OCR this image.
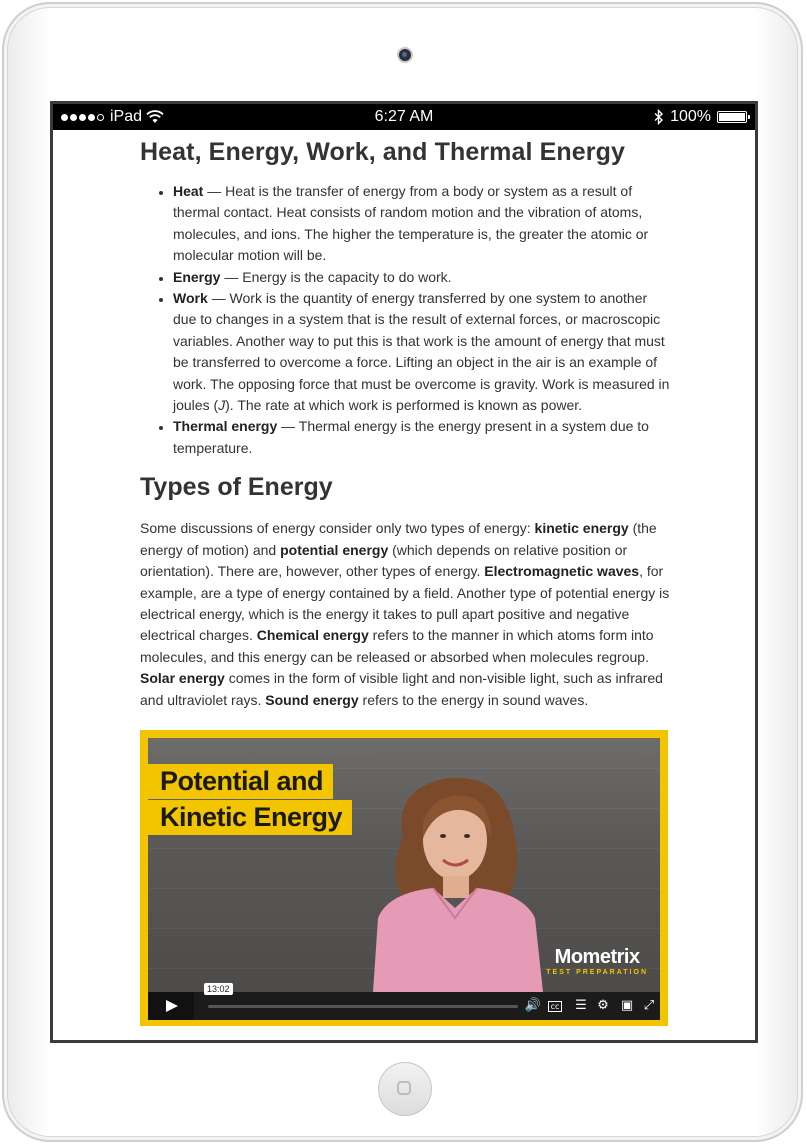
iPad	6:27 AM	100%
Heat, Energy, Work, and Thermal Energy
• Heat — Heat is the transfer of energy from a body or system as a result of thermal contact. Heat consists of random motion and the vibration of atoms, molecules, and ions. The higher the temperature is, the greater the atomic or molecular motion will be.
• Energy — Energy is the capacity to do work.
• Work — Work is the quantity of energy transferred by one system to another due to changes in a system that is the result of external forces, or macroscopic variables. Another way to put this is that work is the amount of energy that must be transferred to overcome a force. Lifting an object in the air is an example of work. The opposing force that must be overcome is gravity. Work is measured in joules (J). The rate at which work is performed is known as power.
• Thermal energy — Thermal energy is the energy present in a system due to temperature.
Types of Energy

Some discussions of energy consider only two types of energy: kinetic energy (the energy of motion) and potential energy (which depends on relative position or orientation). There are, however, other types of energy. Electromagnetic waves, for example, are a type of energy contained by a field. Another type of potential energy is electrical energy, which is the energy it takes to pull apart positive and negative electrical charges. Chemical energy refers to the manner in which atoms form into molecules, and this energy can be released or absorbed when molecules regroup. Solar energy comes in the form of visible light and non-visible light, such as infrared and ultraviolet rays. Sound energy refers to the energy in sound waves.

Potential and
Kinetic Energy
Mometrix
TEST PREPARATION
13:02
🔊	cc ☰ ⚙ ▣ ⤢
